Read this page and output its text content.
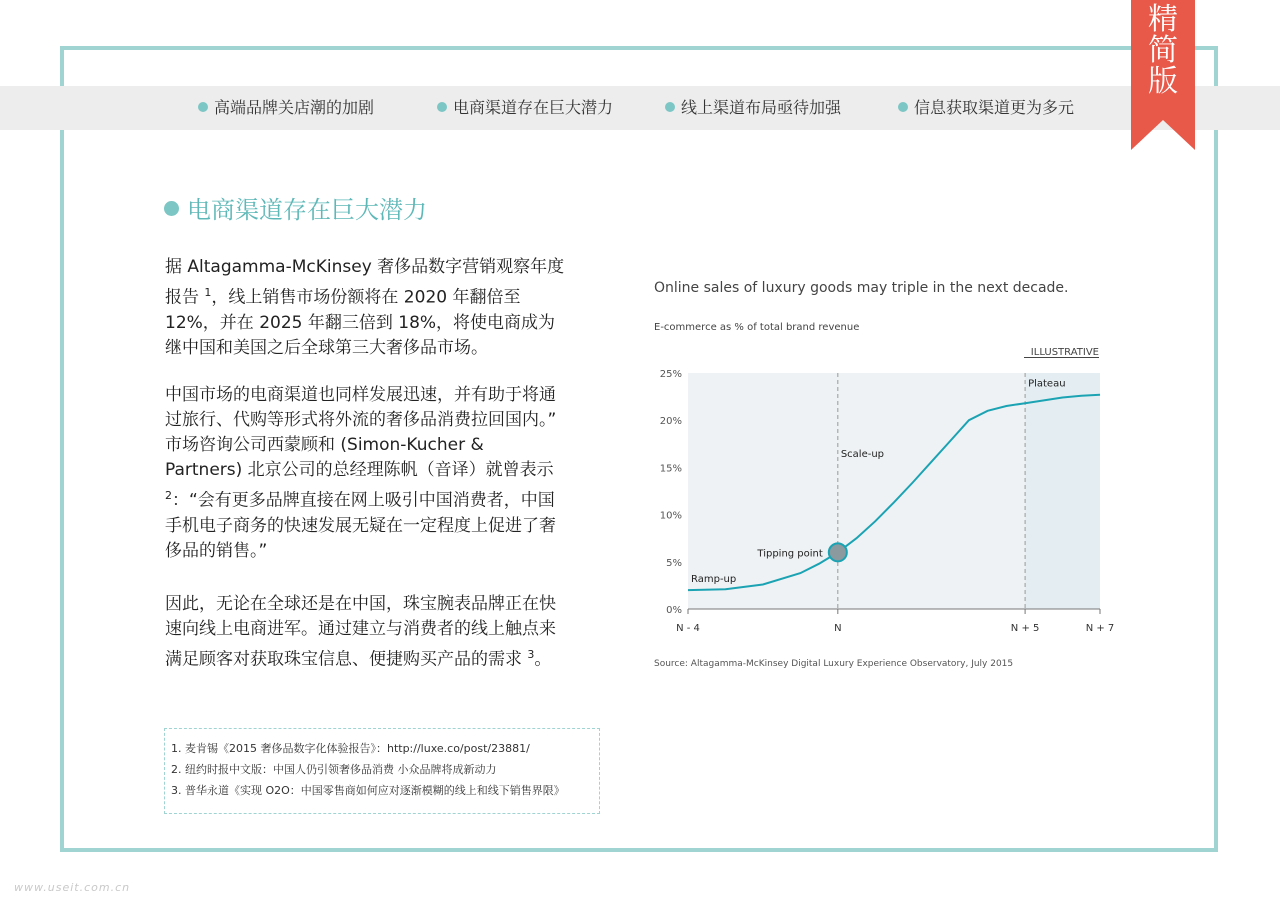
高端品牌关店潮的加剧	电商渠道存在巨大潜力	线上渠道布局亟待加强	信息获取渠道更为多元
精
简
版
电商渠道存在巨大潜力
据 Altagamma-McKinsey 奢侈品数字营销观察年度报告 $^1$，线上销售市场份额将在 2020 年翻倍至 12%，并在 2025 年翻三倍到 18%，将使电商成为继中国和美国之后全球第三大奢侈品市场。
中国市场的电商渠道也同样发展迅速，并有助于将通过旅行、代购等形式将外流的奢侈品消费拉回国内。” 市场咨询公司西蒙顾和 (Simon-Kucher & Partners) 北京公司的总经理陈帆（音译）就曾表示 $^2$：“会有更多品牌直接在网上吸引中国消费者，中国手机电子商务的快速发展无疑在一定程度上促进了奢侈品的销售。”
因此，无论在全球还是在中国，珠宝腕表品牌正在快速向线上电商进军。通过建立与消费者的线上触点来满足顾客对获取珠宝信息、便捷购买产品的需求 $^3$。
1. 麦肯锡《2015 奢侈品数字化体验报告》：http://luxe.co/post/23881/
2. 纽约时报中文版：中国人仍引领奢侈品消费 小众品牌将成新动力
3. 普华永道《实现 O2O：中国零售商如何应对逐渐模糊的线上和线下销售界限》
Online sales of luxury goods may triple in the next decade.
E-commerce as % of total brand revenue
ILLUSTRATIVE
25%
20%
15%
10%
5%
0%
N - 4	N	N + 5	N + 7
Ramp-up
Tipping point
Scale-up
Plateau
Source: Altagamma-McKinsey Digital Luxury Experience Observatory, July 2015
www.useit.com.cn
